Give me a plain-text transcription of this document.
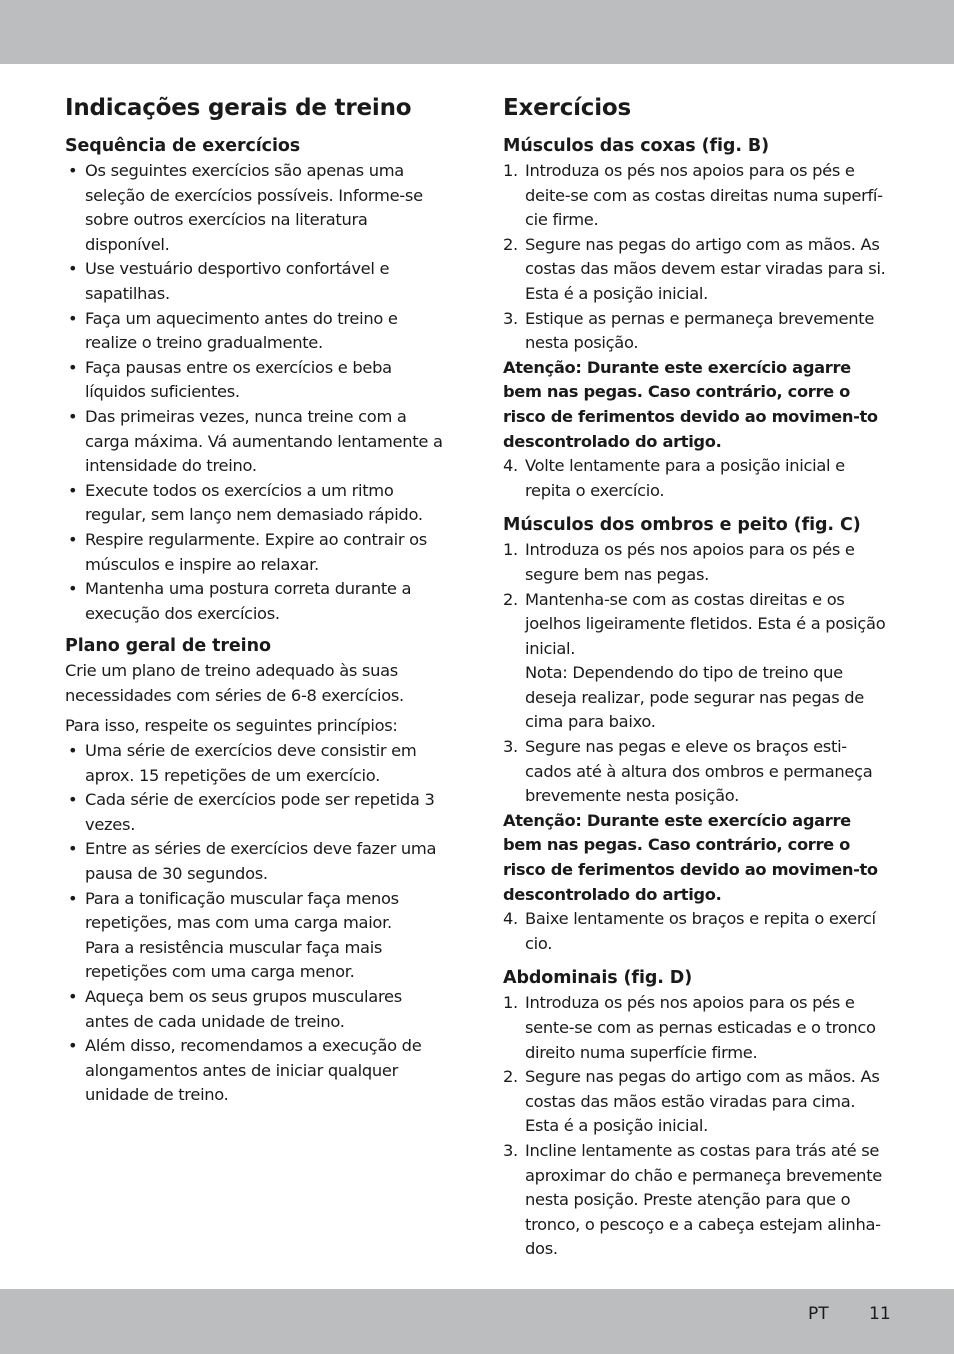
Indicações gerais de treino
Sequência de exercícios
• Os seguintes exercícios são apenas uma seleção de exercícios possíveis. Informe-se sobre outros exercícios na literatura disponível.
• Use vestuário desportivo confortável e sapatilhas.
• Faça um aquecimento antes do treino e realize o treino gradualmente.
• Faça pausas entre os exercícios e beba líquidos suficientes.
• Das primeiras vezes, nunca treine com a carga máxima. Vá aumentando lentamente a intensidade do treino.
• Execute todos os exercícios a um ritmo regular, sem lanço nem demasiado rápido.
• Respire regularmente. Expire ao contrair os músculos e inspire ao relaxar.
• Mantenha uma postura correta durante a execução dos exercícios.
Plano geral de treino

Crie um plano de treino adequado às suas necessidades com séries de 6-8 exercícios.

Para isso, respeite os seguintes princípios:

• Uma série de exercícios deve consistir em aprox. 15 repetições de um exercício.
• Cada série de exercícios pode ser repetida 3 vezes.
• Entre as séries de exercícios deve fazer uma pausa de 30 segundos.
• Para a tonificação muscular faça menos repetições, mas com uma carga maior.
Para a resistência muscular faça mais repetições com uma carga menor.
• Aqueça bem os seus grupos musculares antes de cada unidade de treino.
• Além disso, recomendamos a execução de alongamentos antes de iniciar qualquer unidade de treino.
Exercícios
Músculos das coxas (fig. B)
1. Introduza os pés nos apoios para os pés e deite-se com as costas direitas numa superfí-cie firme.
2. Segure nas pegas do artigo com as mãos. As costas das mãos devem estar viradas para si. Esta é a posição inicial.
3. Estique as pernas e permaneça brevemente nesta posição.

Atenção: Durante este exercício agarre bem nas pegas. Caso contrário, corre o risco de ferimentos devido ao movimen-to descontrolado do artigo.

4. Volte lentamente para a posição inicial e repita o exercício.
Músculos dos ombros e peito (fig. C)
1. Introduza os pés nos apoios para os pés e segure bem nas pegas.
2. Mantenha-se com as costas direitas e os joelhos ligeiramente fletidos. Esta é a posição inicial.
Nota: Dependendo do tipo de treino que deseja realizar, pode segurar nas pegas de cima para baixo.
3. Segure nas pegas e eleve os braços esti-cados até à altura dos ombros e permaneça brevemente nesta posição.

Atenção: Durante este exercício agarre bem nas pegas. Caso contrário, corre o risco de ferimentos devido ao movimen-to descontrolado do artigo.

4. Baixe lentamente os braços e repita o exercí cio.
Abdominais (fig. D)
1. Introduza os pés nos apoios para os pés e sente-se com as pernas esticadas e o tronco direito numa superfície firme.
2. Segure nas pegas do artigo com as mãos. As costas das mãos estão viradas para cima. Esta é a posição inicial.
3. Incline lentamente as costas para trás até se aproximar do chão e permaneça brevemente nesta posição. Preste atenção para que o tronco, o pescoço e a cabeça estejam alinha-dos.
PT 11
